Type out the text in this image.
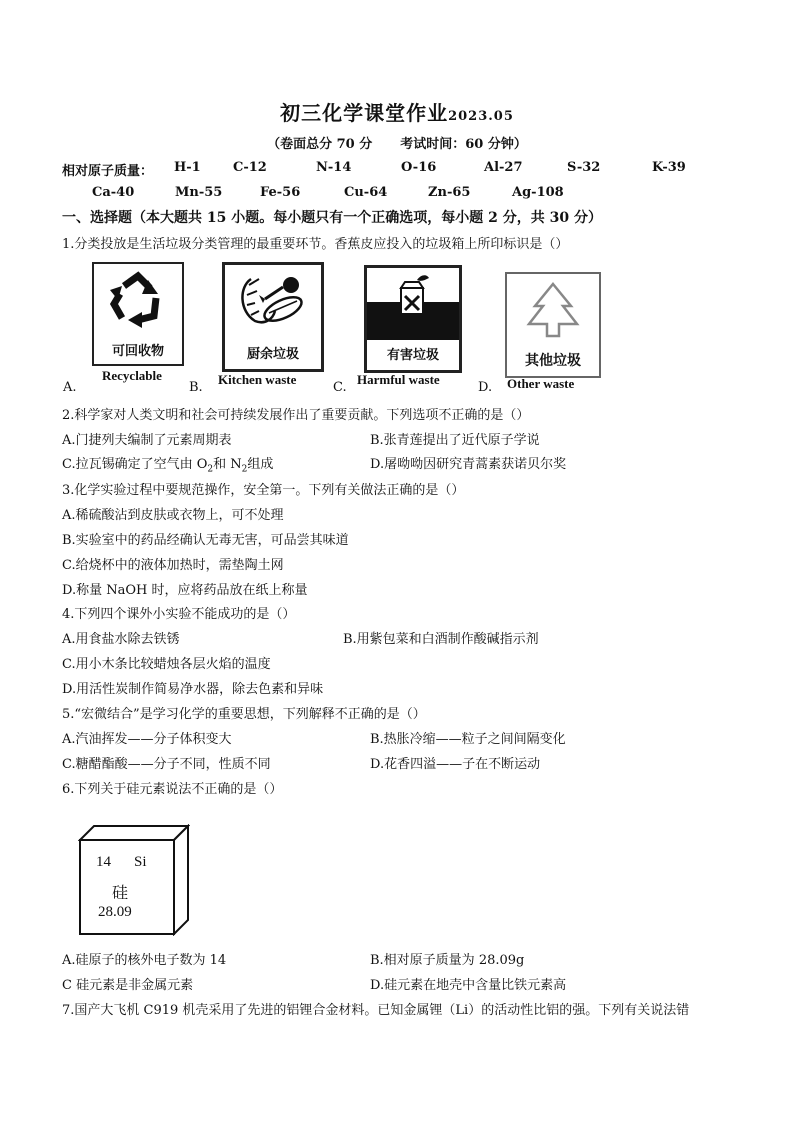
初三化学课堂作业2023.05
（卷面总分 70 分 考试时间：60 分钟）
相对原子质量： H-1 C-12	N-14	O-16	Al-27	S-32	K-39
Ca-40	Mn-55	Fe-56	Cu-64	Zn-65	Ag-108
一、选择题（本大题共 15 小题。每小题只有一个正确选项，每小题 2 分，共 30 分）
1.分类投放是生活垃圾分类管理的最重要环节。香蕉皮应投入的垃圾箱上所印标识是（）
A.
可回收物
Recyclable
B.
厨余垃圾
Kitchen waste
C.
有害垃圾
Harmful waste
D.
其他垃圾
Other waste
2.科学家对人类文明和社会可持续发展作出了重要贡献。下列选项不正确的是（）
A.门捷列夫编制了元素周期表	B.张青莲提出了近代原子学说
C.拉瓦锡确定了空气由 $O_2$和 $N_2$组成	D.屠呦呦因研究青蒿素获诺贝尔奖
3.化学实验过程中要规范操作，安全第一。下列有关做法正确的是（）
A.稀硫酸沾到皮肤或衣物上，可不处理
B.实验室中的药品经确认无毒无害，可品尝其味道
C.给烧杯中的液体加热时，需垫陶土网
D.称量 NaOH 时，应将药品放在纸上称量
4.下列四个课外小实验不能成功的是（）
A.用食盐水除去铁锈	B.用紫包菜和白酒制作酸碱指示剂
C.用小木条比较蜡烛各层火焰的温度
D.用活性炭制作简易净水器，除去色素和异味
5.“宏微结合”是学习化学的重要思想，下列解释不正确的是（）
A.汽油挥发——分子体积变大	B.热胀冷缩——粒子之间间隔变化
C.糖醋酯酸——分子不同，性质不同	D.花香四溢——子在不断运动
6.下列关于硅元素说法不正确的是（）
14 Si
硅
28.09
A.硅原子的核外电子数为 14	B.相对原子质量为 28.09g
C 硅元素是非金属元素	D.硅元素在地壳中含量比铁元素高
7.国产大飞机 C919 机壳采用了先进的铝锂合金材料。已知金属锂（Li）的活动性比铝的强。下列有关说法错
